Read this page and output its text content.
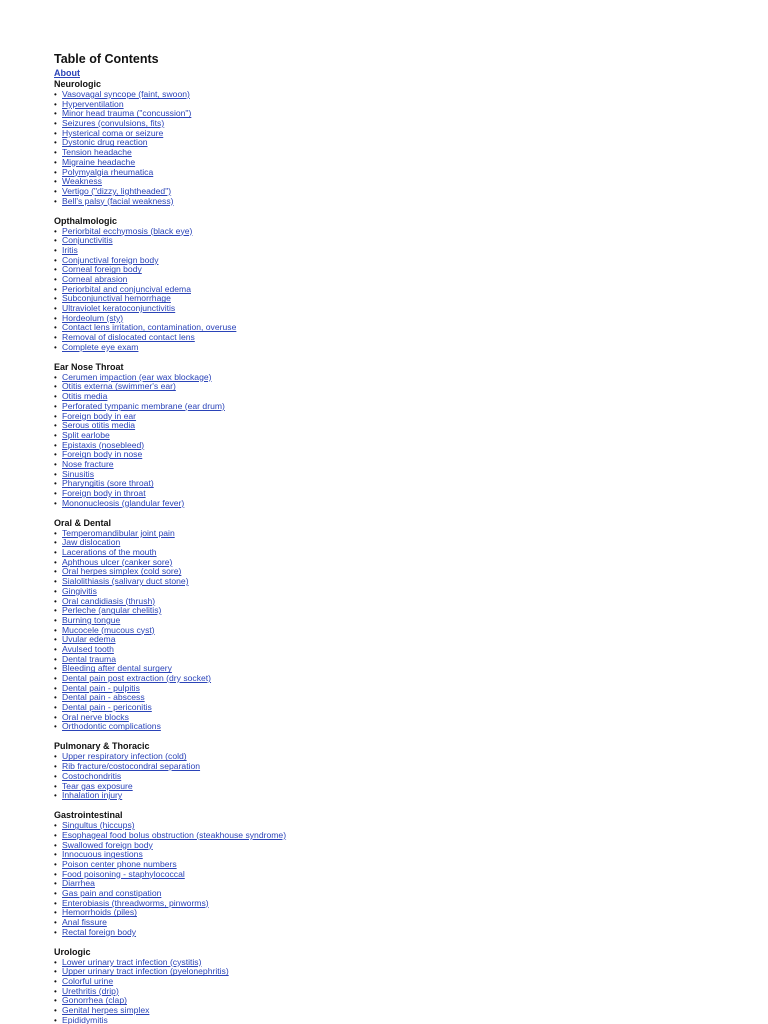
Table of Contents
About
Neurologic
• Vasovagal syncope (faint, swoon)
• Hyperventilation
• Minor head trauma ("concussion")
• Seizures (convulsions, fits)
• Hysterical coma or seizure
• Dystonic drug reaction
• Tension headache
• Migraine headache
• Polymyalgia rheumatica
• Weakness
• Vertigo ("dizzy, lightheaded")
• Bell's palsy (facial weakness)
Opthalmologic
• Periorbital ecchymosis (black eye)
• Conjunctivitis
• Iritis
• Conjunctival foreign body
• Corneal foreign body
• Corneal abrasion
• Periorbital and conjuncival edema
• Subconjunctival hemorrhage
• Ultraviolet keratoconjunctivitis
• Hordeolum (sty)
• Contact lens irritation, contamination, overuse
• Removal of dislocated contact lens
• Complete eye exam
Ear Nose Throat
• Cerumen impaction (ear wax blockage)
• Otitis externa (swimmer's ear)
• Otitis media
• Perforated tympanic membrane (ear drum)
• Foreign body in ear
• Serous otitis media
• Split earlobe
• Epistaxis (nosebleed)
• Foreign body in nose
• Nose fracture
• Sinusitis
• Pharyngitis (sore throat)
• Foreign body in throat
• Mononucleosis (glandular fever)
Oral & Dental
• Temperomandibular joint pain
• Jaw dislocation
• Lacerations of the mouth
• Aphthous ulcer (canker sore)
• Oral herpes simplex (cold sore)
• Sialolithiasis (salivary duct stone)
• Gingivitis
• Oral candidiasis (thrush)
• Perleche (angular chelitis)
• Burning tongue
• Mucocele (mucous cyst)
• Uvular edema
• Avulsed tooth
• Dental trauma
• Bleeding after dental surgery
• Dental pain post extraction (dry socket)
• Dental pain - pulpitis
• Dental pain - abscess
• Dental pain - periconitis
• Oral nerve blocks
• Orthodontic complications
Pulmonary & Thoracic
• Upper respiratory infection (cold)
• Rib fracture/costocondral separation
• Costochondritis
• Tear gas exposure
• Inhalation injury
Gastrointestinal
• Singultus (hiccups)
• Esophageal food bolus obstruction (steakhouse syndrome)
• Swallowed foreign body
• Innocuous ingestions
• Poison center phone numbers
• Food poisoning - staphylococcal
• Diarrhea
• Gas pain and constipation
• Enterobiasis (threadworms, pinworms)
• Hemorrhoids (piles)
• Anal fissure
• Rectal foreign body
Urologic
• Lower urinary tract infection (cystitis)
• Upper urinary tract infection (pyelonephritis)
• Colorful urine
• Urethritis (drip)
• Gonorrhea (clap)
• Genital herpes simplex
• Epididymitis
